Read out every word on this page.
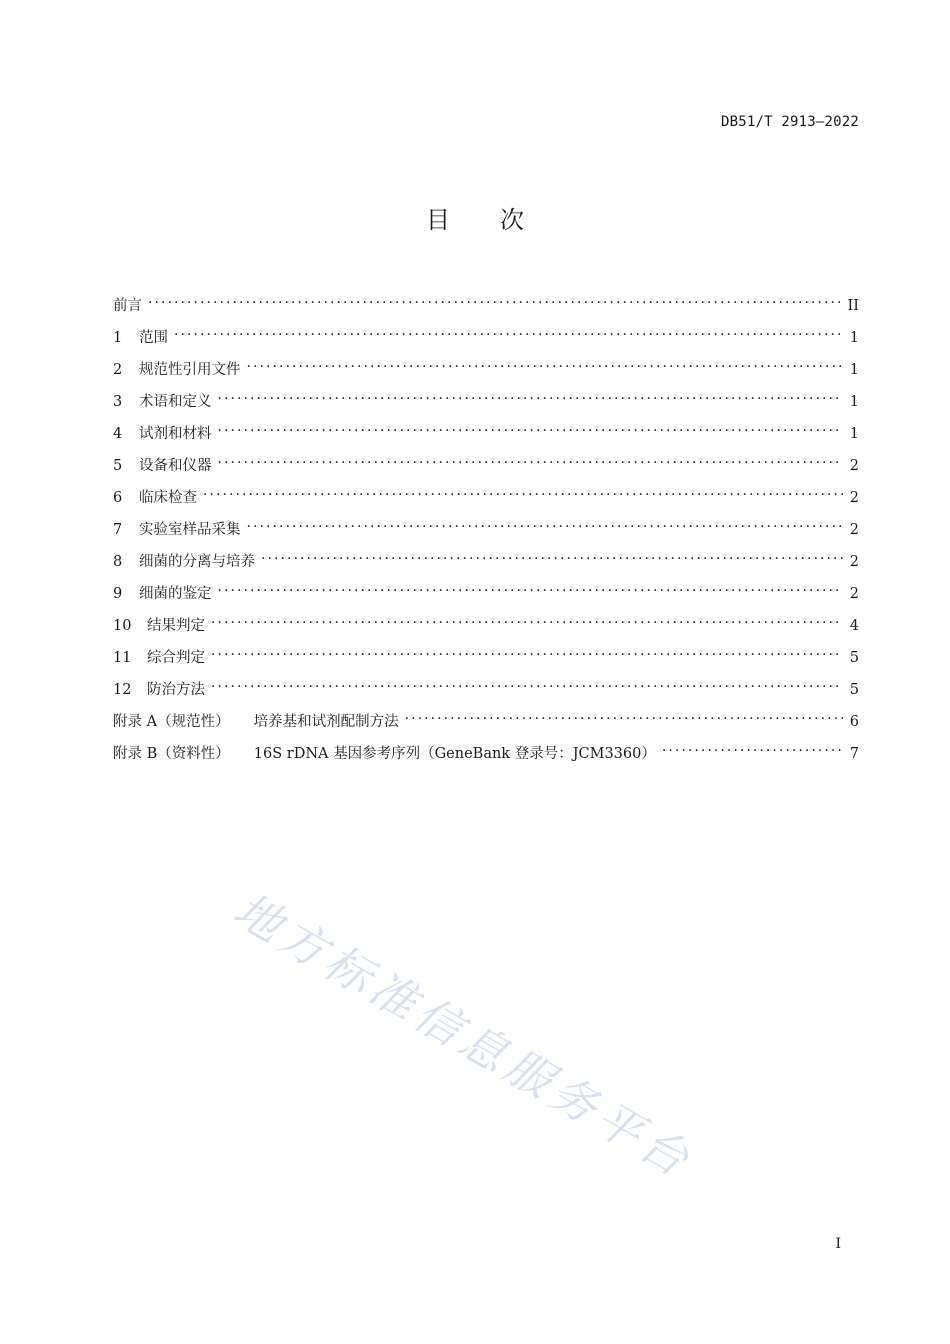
DB51/T 2913—2022
目 次
前言 . . .	II
1	范围 . . .	1
2	规范性引用文件 . . .	1
3	术语和定义 . . .	1
4	试剂和材料 . . .	1
5	设备和仪器 . . .	2
6	临床检查 . . .	2
7	实验室样品采集 . . .	2
8	细菌的分离与培养 . . .	2
9	细菌的鉴定 . . .	2
10	结果判定 . . .	4
11	综合判定 . . .	5
12	防治方法 . . .	5
附录 A（规范性） 培养基和试剂配制方法 . . .	6
附录 B（资料性） 16S rDNA 基因参考序列（GeneBank 登录号：JCM3360） . . .	7
地方标准信息服务平台
I
